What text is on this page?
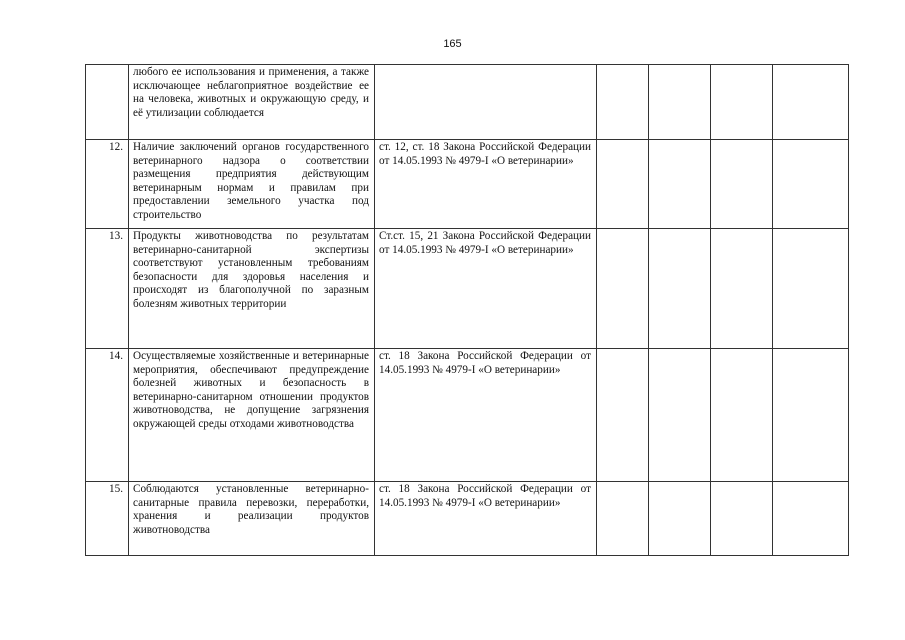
165
	любого ее использования и применения, а также исключающее неблагоприятное воздействие ее на человека, животных и окружающую среду, и её утилизации соблюдается					
12.	Наличие заключений органов государственного ветеринарного надзора о соответствии размещения предприятия действующим ветеринарным нормам и правилам при предоставлении земельного участка под строительство	ст. 12, ст. 18 Закона Российской Федерации от 14.05.1993 № 4979-I «О ветеринарии»				
13.	Продукты животноводства по результатам ветеринарно-санитарной экспертизы соответствуют установленным требованиям безопасности для здоровья населения и происходят из благополучной по заразным болезням животных территории	Ст.ст. 15, 21 Закона Российской Федерации от 14.05.1993 № 4979-I «О ветеринарии»				
14.	Осуществляемые хозяйственные и ветеринарные мероприятия, обеспечивают предупреждение болезней животных и безопасность в ветеринарно-санитарном отношении продуктов животноводства, не допущение загрязнения окружающей среды отходами животноводства	ст. 18 Закона Российской Федерации от 14.05.1993 № 4979-I «О ветеринарии»				
15.	Соблюдаются установленные ветеринарно-санитарные правила перевозки, переработки, хранения и реализации продуктов животноводства	ст. 18 Закона Российской Федерации от 14.05.1993 № 4979-I «О ветеринарии»				
